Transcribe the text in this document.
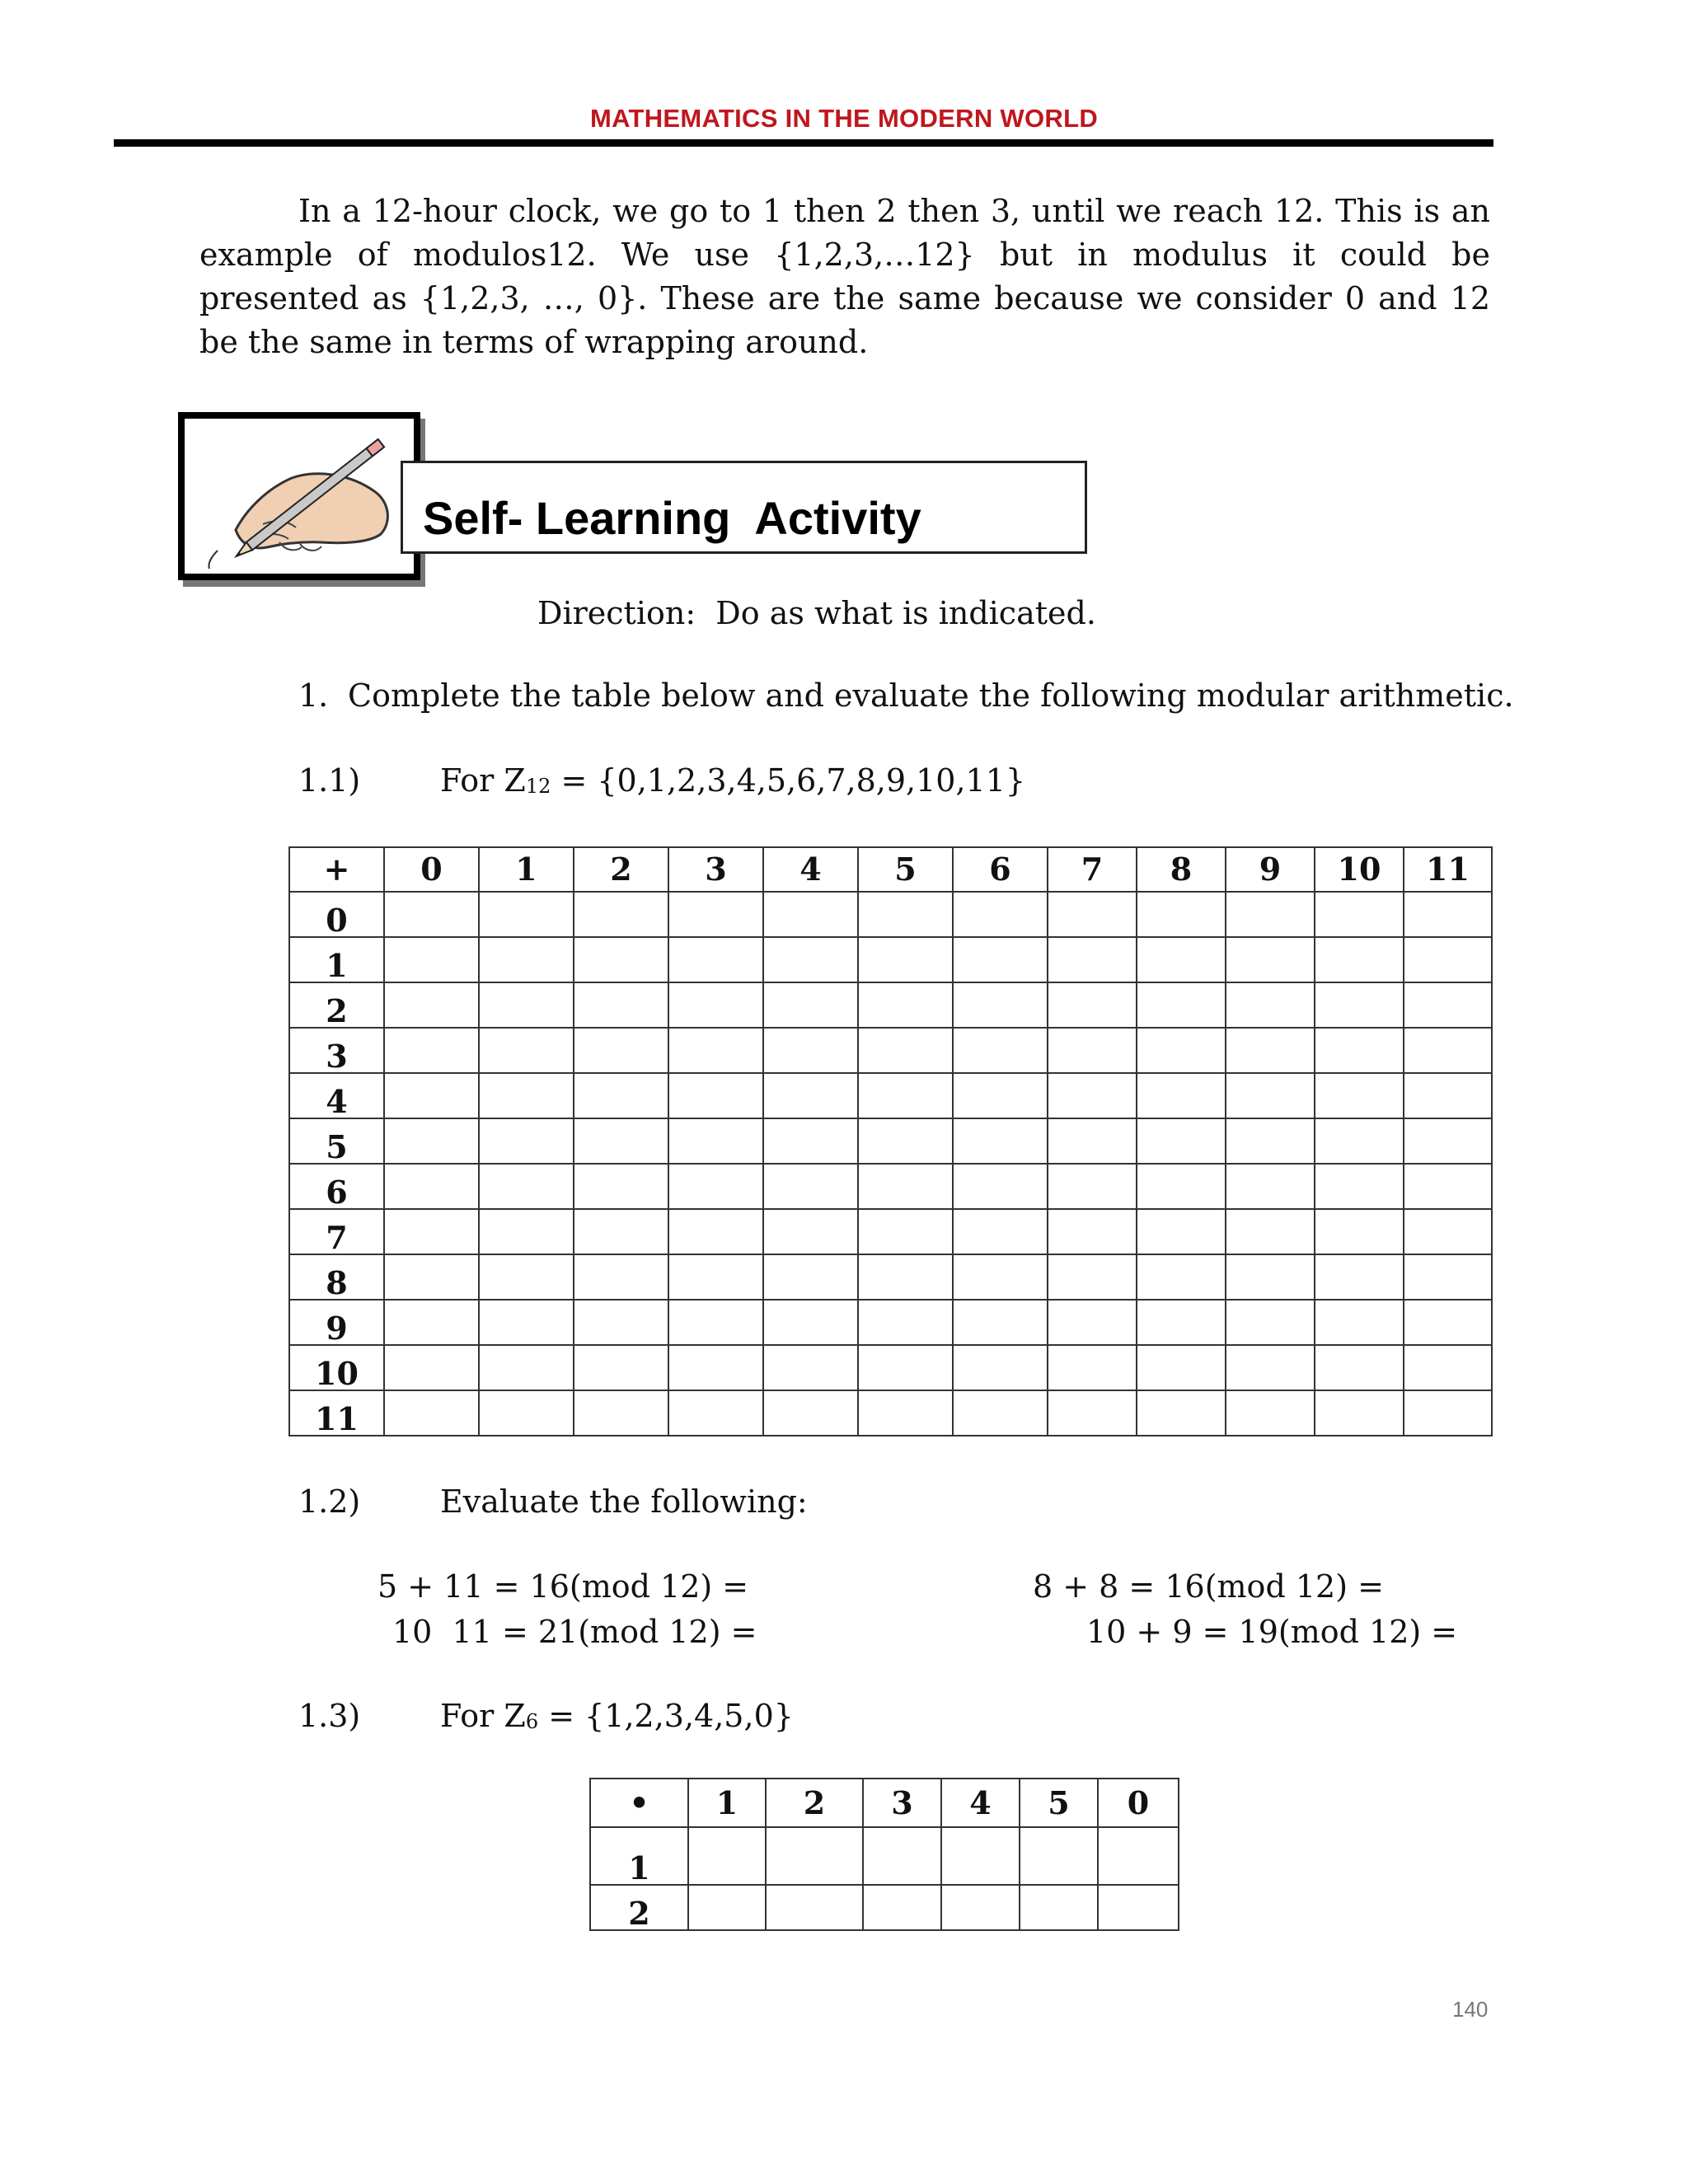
MATHEMATICS IN THE MODERN WORLD

In a 12-hour clock, we go to 1 then 2 then 3, until we reach 12. This is an example of modulos12. We use {1,2,3,…12} but in modulus it could be presented as {1,2,3, …, 0}. These are the same because we consider 0 and 12 be the same in terms of wrapping around.

Self- Learning  Activity
Direction:  Do as what is indicated.
1. Complete the table below and evaluate the following modular arithmetic.
1.1)	For $Z_{12} = \{0,1,2,3,4,5,6,7,8,9,10,11\}$
+	0	1	2	3	4	5	6	7	8	9	10	11
0												
1												
2												
3												
4												
5												
6												
7												
8												
9												
10												
11												
1.2)	Evaluate the following:
5 + 11 = 16(mod 12) =	8 + 8 = 16(mod 12) =
10  11 = 21(mod 12) =	10 + 9 = 19(mod 12) =
1.3)	For $Z_6 = \{1,2,3,4,5,0\}$
•	1	2	3	4	5	0
1						
2						
140
